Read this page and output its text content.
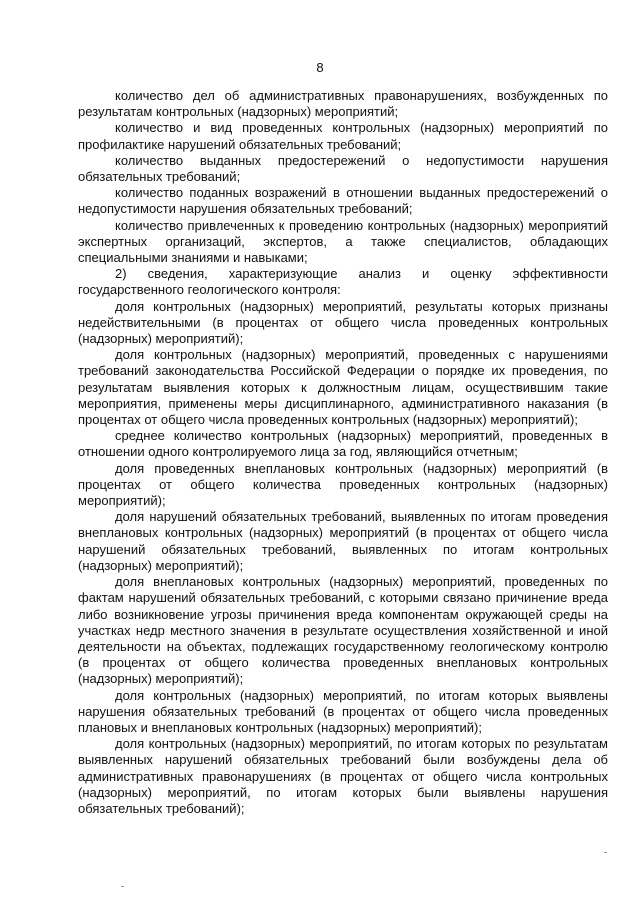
8

количество дел об административных правонарушениях, возбужденных по результатам контрольных (надзорных) мероприятий;

количество и вид проведенных контрольных (надзорных) мероприятий по профилактике нарушений обязательных требований;

количество выданных предостережений о недопустимости нарушения обязательных требований;

количество поданных возражений в отношении выданных предостережений о недопустимости нарушения обязательных требований;

количество привлеченных к проведению контрольных (надзорных) мероприятий экспертных организаций, экспертов, а также специалистов, обладающих специальными знаниями и навыками;

2) сведения, характеризующие анализ и оценку эффективности государственного геологического контроля:

доля контрольных (надзорных) мероприятий, результаты которых признаны недействительными (в процентах от общего числа проведенных контрольных (надзорных) мероприятий);

доля контрольных (надзорных) мероприятий, проведенных с нарушениями требований законодательства Российской Федерации о порядке их проведения, по результатам выявления которых к должностным лицам, осуществившим такие мероприятия, применены меры дисциплинарного, административного наказания (в процентах от общего числа проведенных контрольных (надзорных) мероприятий);

среднее количество контрольных (надзорных) мероприятий, проведенных в отношении одного контролируемого лица за год, являющийся отчетным;

доля проведенных внеплановых контрольных (надзорных) мероприятий (в процентах от общего количества проведенных контрольных (надзорных) мероприятий);

доля нарушений обязательных требований, выявленных по итогам проведения внеплановых контрольных (надзорных) мероприятий (в процентах от общего числа нарушений обязательных требований, выявленных по итогам контрольных (надзорных) мероприятий);

доля внеплановых контрольных (надзорных) мероприятий, проведенных по фактам нарушений обязательных требований, с которыми связано причинение вреда либо возникновение угрозы причинения вреда компонентам окружающей среды на участках недр местного значения в результате осуществления хозяйственной и иной деятельности на объектах, подлежащих государственному геологическому контролю (в процентах от общего количества проведенных внеплановых контрольных (надзорных) мероприятий);

доля контрольных (надзорных) мероприятий, по итогам которых выявлены нарушения обязательных требований (в процентах от общего числа проведенных плановых и внеплановых контрольных (надзорных) мероприятий);

доля контрольных (надзорных) мероприятий, по итогам которых по результатам выявленных нарушений обязательных требований были возбуждены дела об административных правонарушениях (в процентах от общего числа контрольных (надзорных) мероприятий, по итогам которых были выявлены нарушения обязательных требований);
